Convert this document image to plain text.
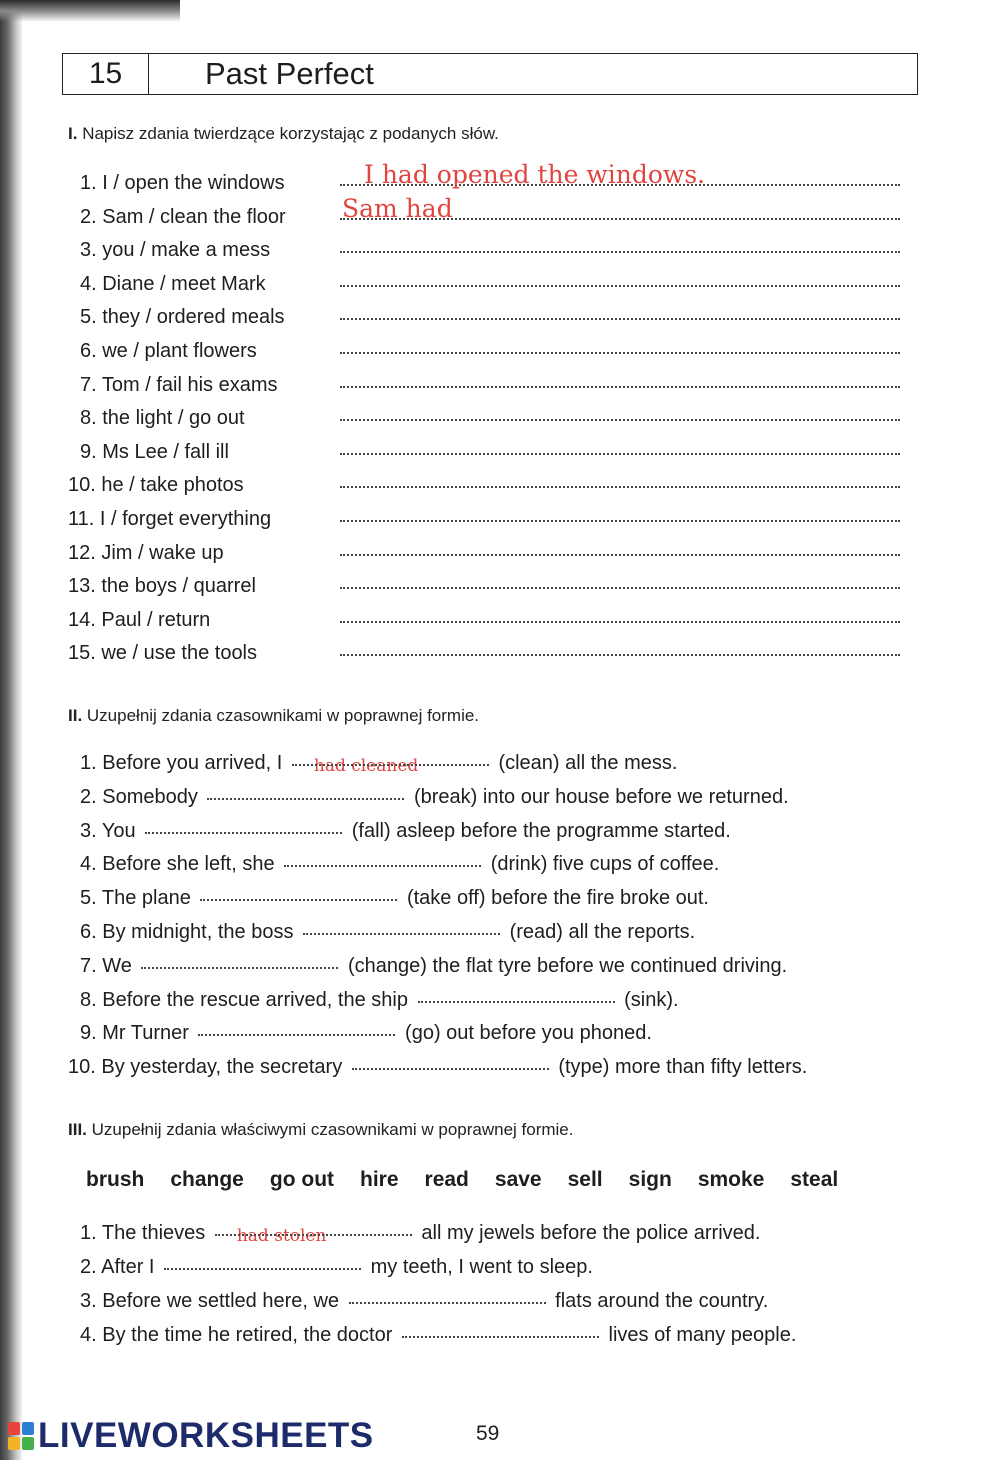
15	Past Perfect
I. Napisz zdania twierdzące korzystając z podanych słów.
1. I / open the windows	I had opened the windows.
2. Sam / clean the floor Sam had
3. you / make a mess
4. Diane / meet Mark
5. they / ordered meals
6. we / plant flowers
7. Tom / fail his exams
8. the light / go out
9. Ms Lee / fall ill
10. he / take photos
11. I / forget everything
12. Jim / wake up
13. the boys / quarrel
14. Paul / return
15. we / use the tools
II. Uzupełnij zdania czasownikami w poprawnej formie.
1. Before you arrived, I had cleaned	(clean) all the mess.
2. Somebody	(break) into our house before we returned.
3. You	(fall) asleep before the programme started.
4. Before she left, she	(drink) five cups of coffee.
5. The plane	(take off) before the fire broke out.
6. By midnight, the boss	(read) all the reports.
7. We	(change) the flat tyre before we continued driving.
8. Before the rescue arrived, the ship	(sink).
9. Mr Turner	(go) out before you phoned.
10. By yesterday, the secretary	(type) more than fifty letters.
III. Uzupełnij zdania właściwymi czasownikami w poprawnej formie.
brush change go out hire read save sell sign smoke steal
1. The thieves had stolen	all my jewels before the police arrived.
2. After I	my teeth, I went to sleep.
3. Before we settled here, we	flats around the country.
4. By the time he retired, the doctor	lives of many people.
LIVEWORKSHEETS	59
